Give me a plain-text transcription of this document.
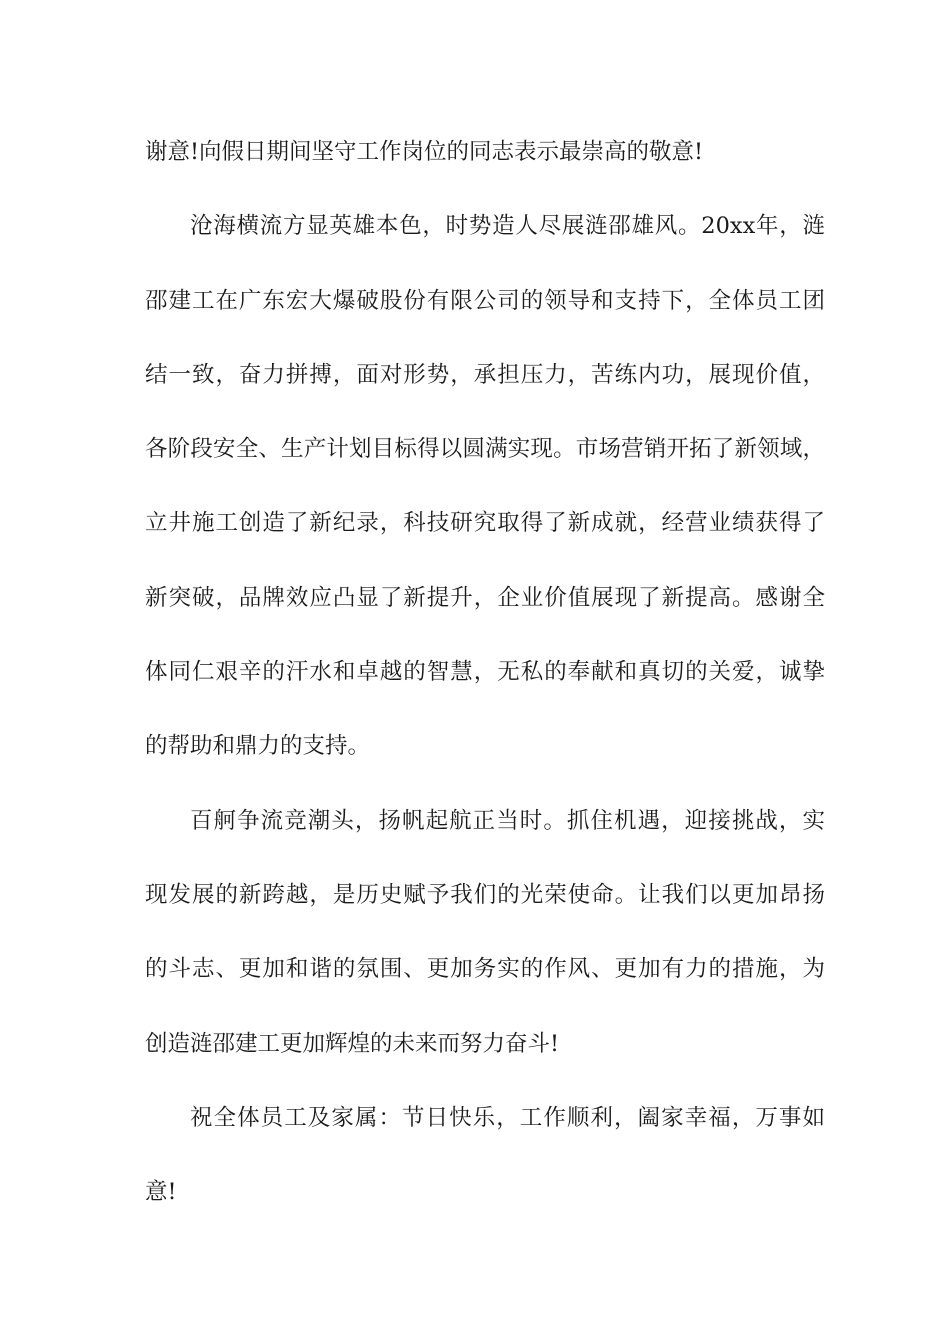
谢意!向假日期间坚守工作岗位的同志表示最崇高的敬意!
沧海横流方显英雄本色，时势造人尽展涟邵雄风。20xx年，涟
邵建工在广东宏大爆破股份有限公司的领导和支持下，全体员工团
结一致，奋力拼搏，面对形势，承担压力，苦练内功，展现价值，
各阶段安全、生产计划目标得以圆满实现。市场营销开拓了新领域，
立井施工创造了新纪录，科技研究取得了新成就，经营业绩获得了
新突破，品牌效应凸显了新提升，企业价值展现了新提高。感谢全
体同仁艰辛的汗水和卓越的智慧，无私的奉献和真切的关爱，诚挚
的帮助和鼎力的支持。
百舸争流竞潮头，扬帆起航正当时。抓住机遇，迎接挑战，实
现发展的新跨越，是历史赋予我们的光荣使命。让我们以更加昂扬
的斗志、更加和谐的氛围、更加务实的作风、更加有力的措施，为
创造涟邵建工更加辉煌的未来而努力奋斗!
祝全体员工及家属：节日快乐，工作顺利，阖家幸福，万事如
意!
